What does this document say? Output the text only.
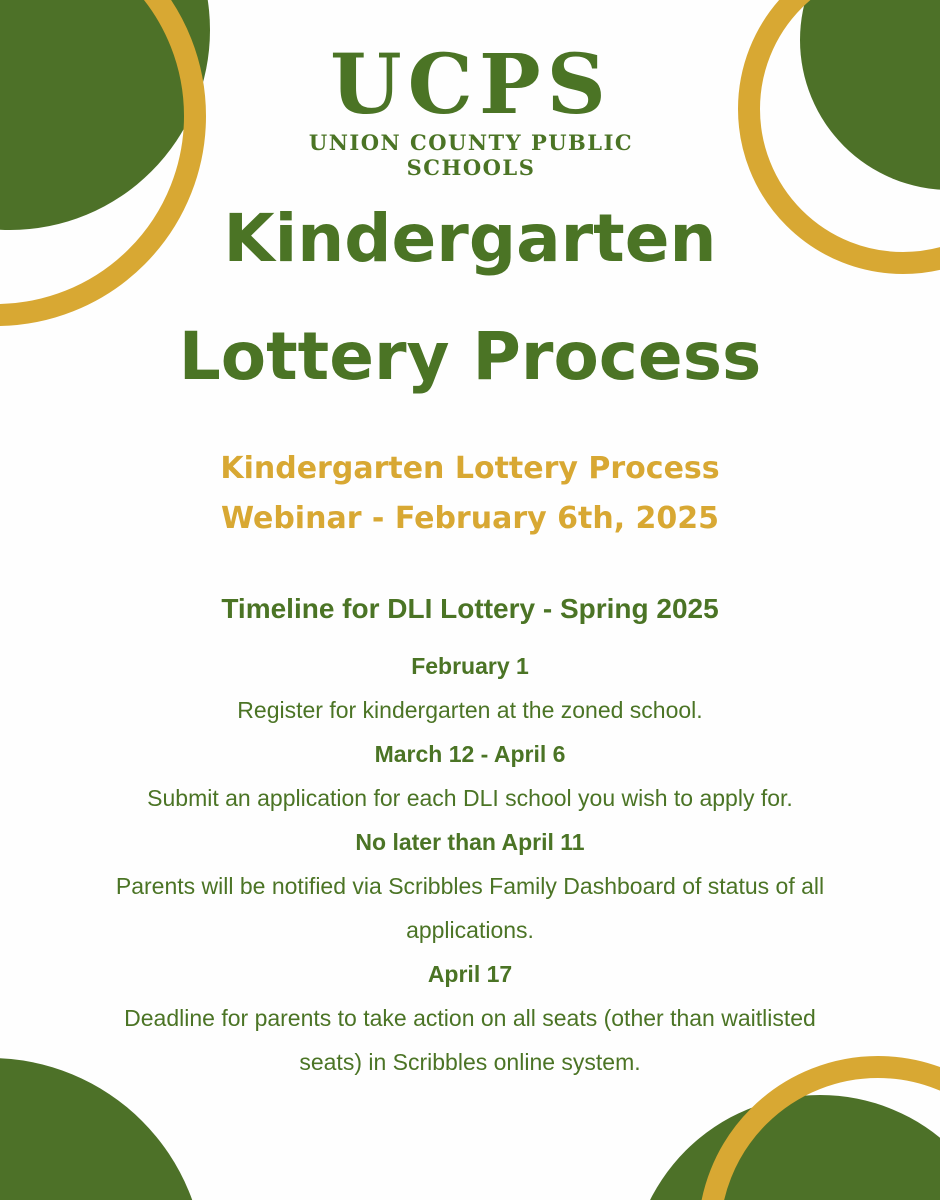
UCPS
UNION COUNTY PUBLIC SCHOOLS
Kindergarten
Lottery Process
Kindergarten Lottery Process
Webinar - February 6th, 2025
Timeline for DLI Lottery - Spring 2025
February 1
Register for kindergarten at the zoned school.
March 12 - April 6
Submit an application for each DLI school you wish to apply for.
No later than April 11
Parents will be notified via Scribbles Family Dashboard of status of all applications.
April 17
Deadline for parents to take action on all seats (other than waitlisted seats) in Scribbles online system.
